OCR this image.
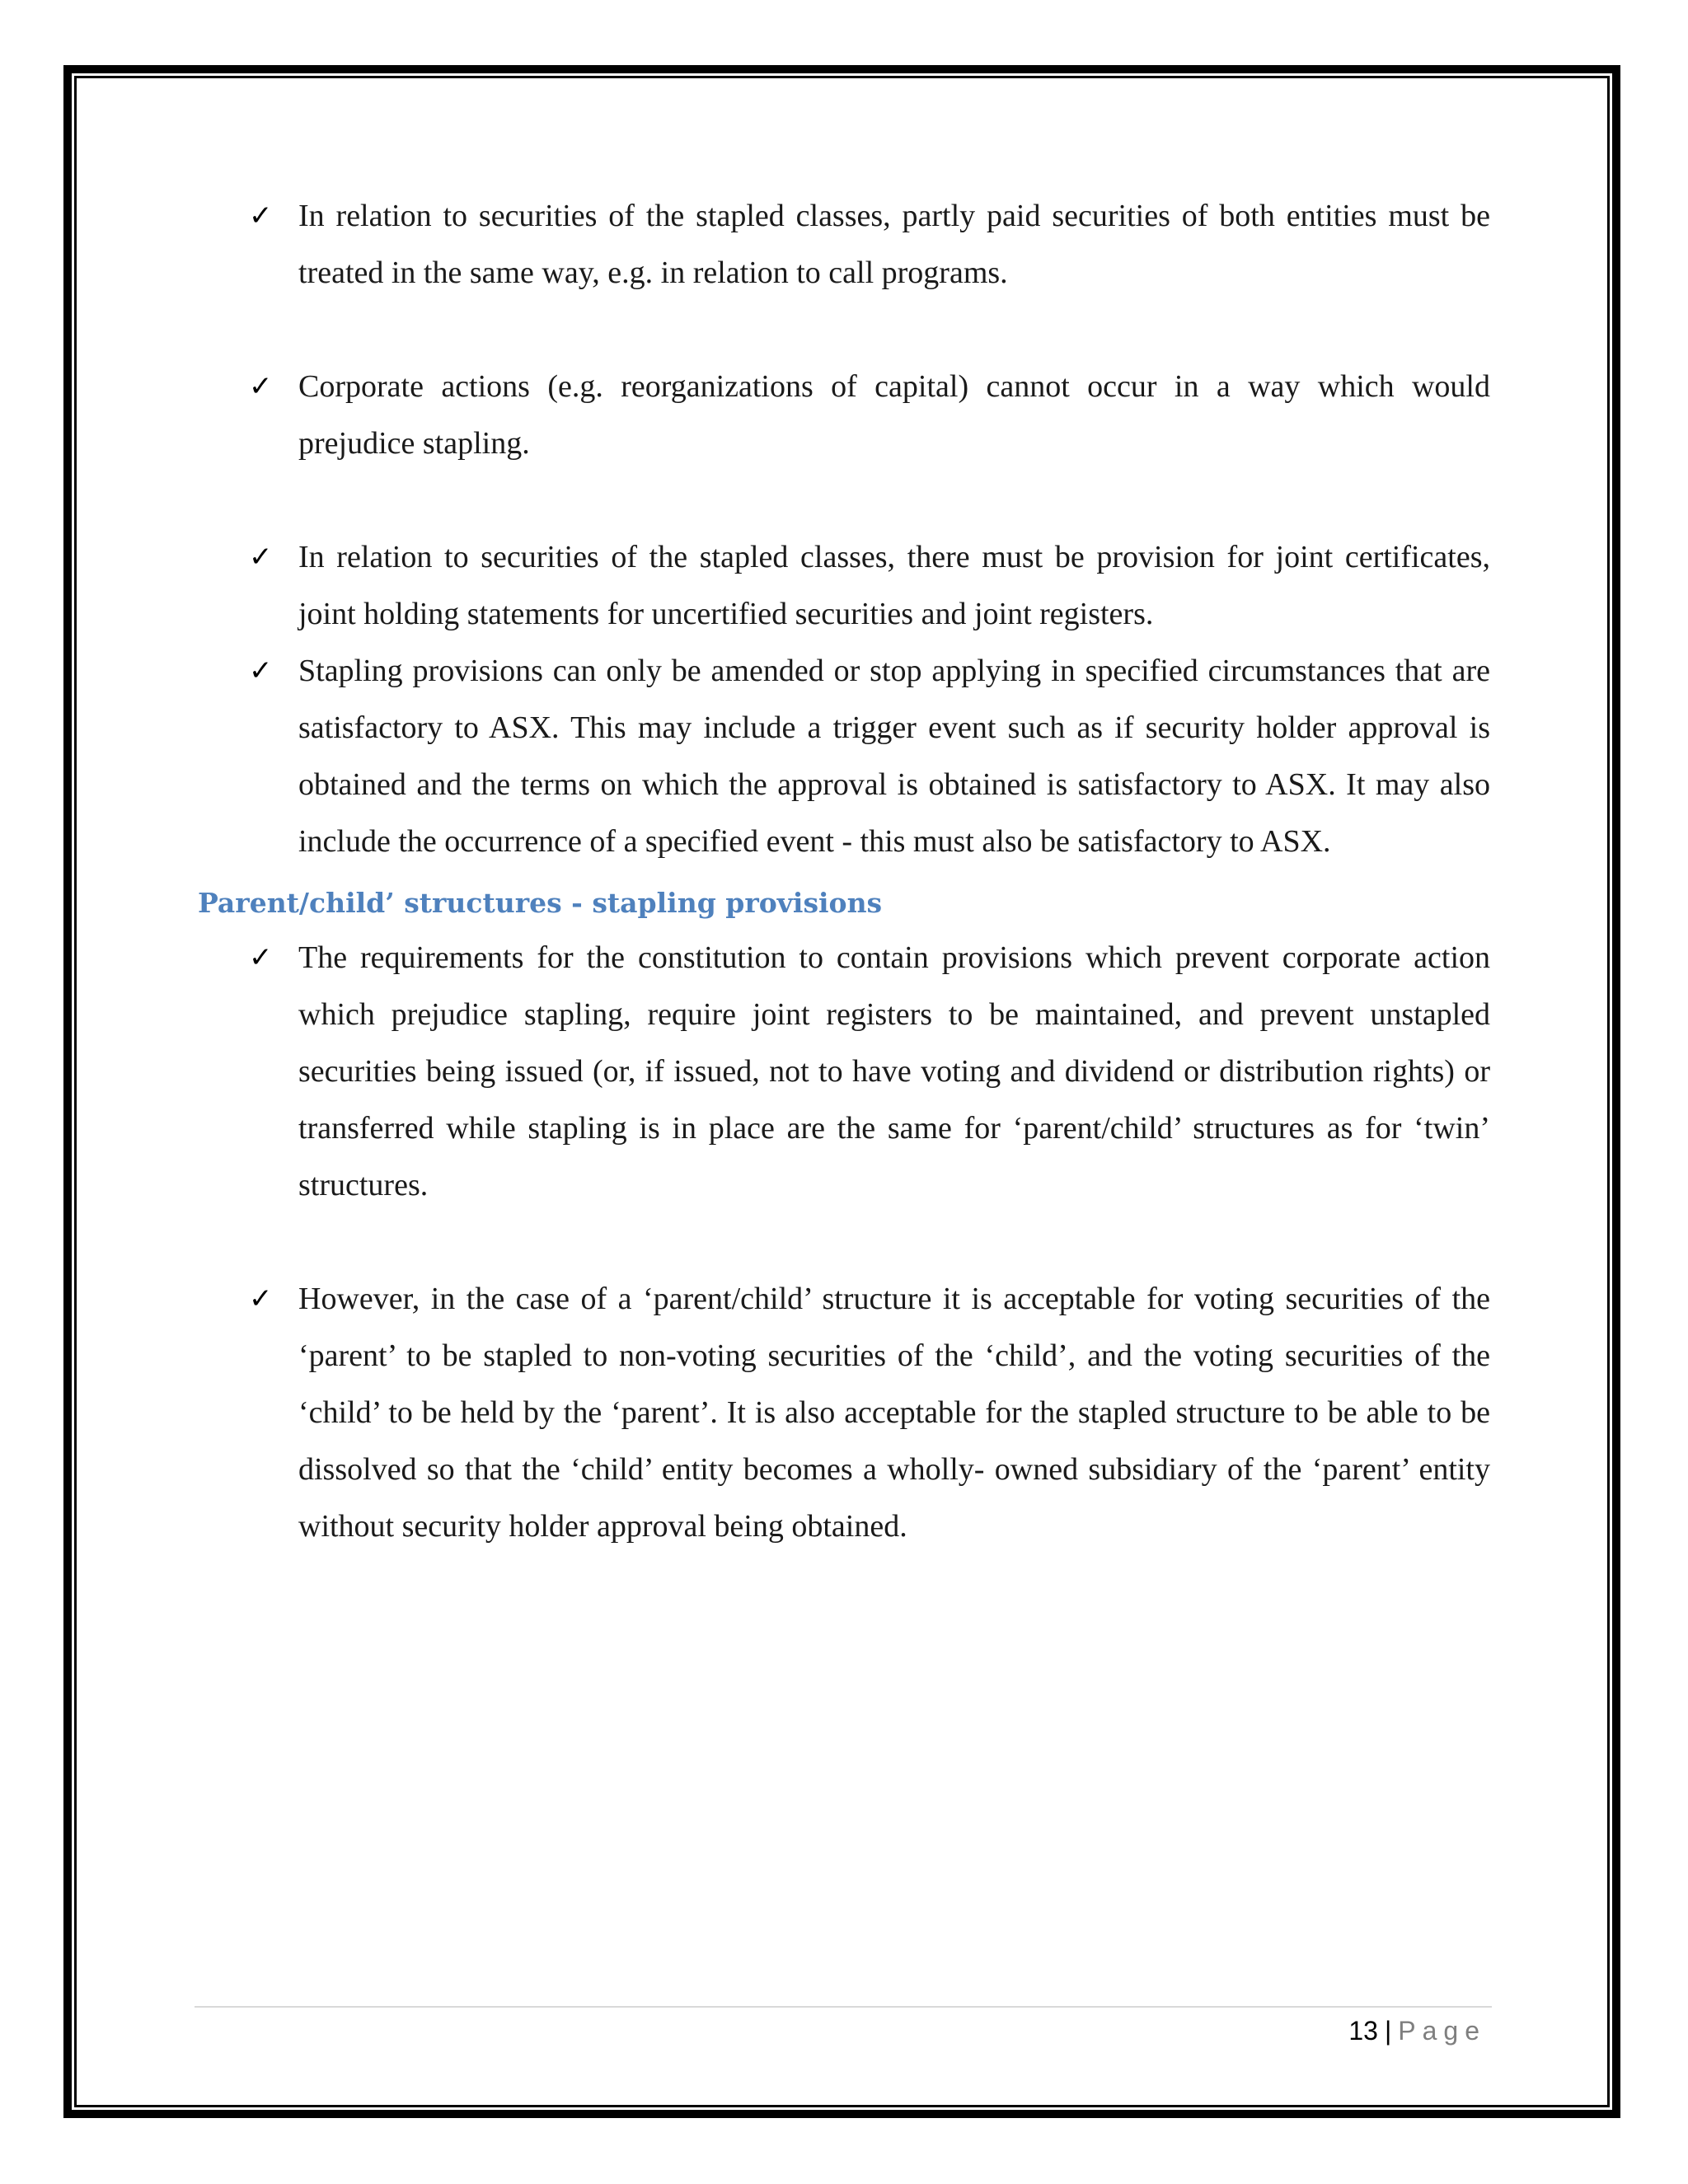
✓ In relation to securities of the stapled classes, partly paid securities of both entities must be treated in the same way, e.g. in relation to call programs.
✓ Corporate actions (e.g. reorganizations of capital) cannot occur in a way which would prejudice stapling.
✓ In relation to securities of the stapled classes, there must be provision for joint certificates, joint holding statements for uncertified securities and joint registers.
✓ Stapling provisions can only be amended or stop applying in specified circumstances that are satisfactory to ASX. This may include a trigger event such as if security holder approval is obtained and the terms on which the approval is obtained is satisfactory to ASX. It may also include the occurrence of a specified event - this must also be satisfactory to ASX.
Parent/child’ structures - stapling provisions
✓ The requirements for the constitution to contain provisions which prevent corporate action which prejudice stapling, require joint registers to be maintained, and prevent unstapled securities being issued (or, if issued, not to have voting and dividend or distribution rights) or transferred while stapling is in place are the same for ‘parent/child’ structures as for ‘twin’ structures.
✓ However, in the case of a ‘parent/child’ structure it is acceptable for voting securities of the ‘parent’ to be stapled to non-voting securities of the ‘child’, and the voting securities of the ‘child’ to be held by the ‘parent’. It is also acceptable for the stapled structure to be able to be dissolved so that the ‘child’ entity becomes a wholly- owned subsidiary of the ‘parent’ entity without security holder approval being obtained.
13 | Page
